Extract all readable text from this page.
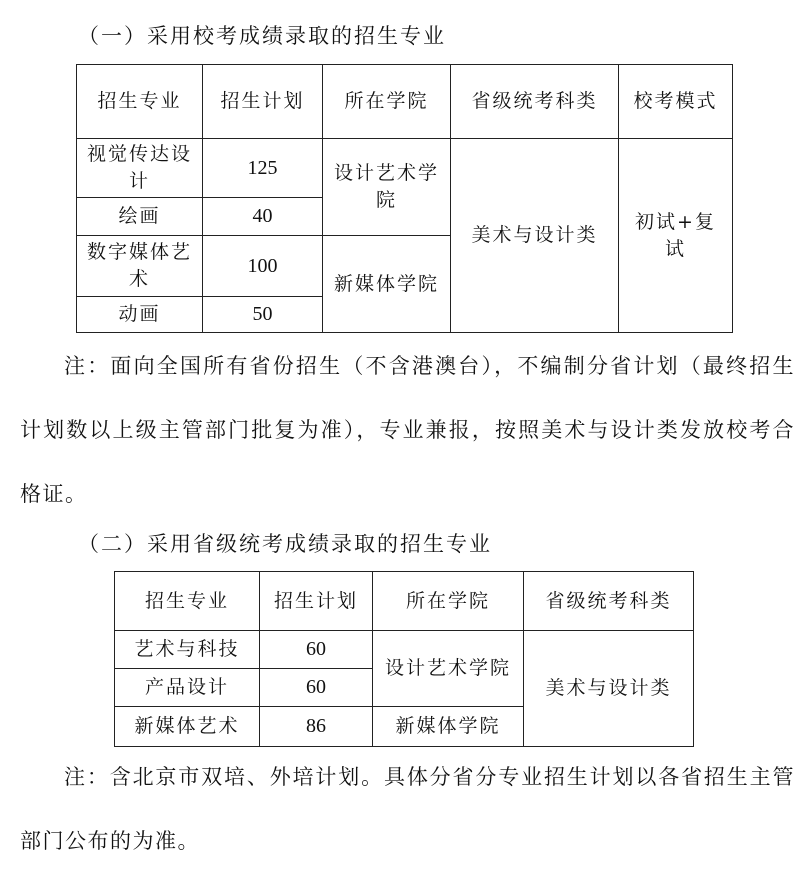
（一）采用校考成绩录取的招生专业
招生专业	招生计划	所在学院	省级统考科类	校考模式
视觉传达设计	125	设计艺术学院	美术与设计类	初试+复试
绘画	40			
数字媒体艺术	100	新媒体学院		
动画	50			

注：面向全国所有省份招生（不含港澳台），不编制分省计划（最终招生计划数以上级主管部门批复为准），专业兼报，按照美术与设计类发放校考合格证。

（二）采用省级统考成绩录取的招生专业
招生专业	招生计划	所在学院	省级统考科类
艺术与科技	60	设计艺术学院	美术与设计类
产品设计	60		
新媒体艺术	86	新媒体学院	

注：含北京市双培、外培计划。具体分省分专业招生计划以各省招生主管部门公布的为准。
